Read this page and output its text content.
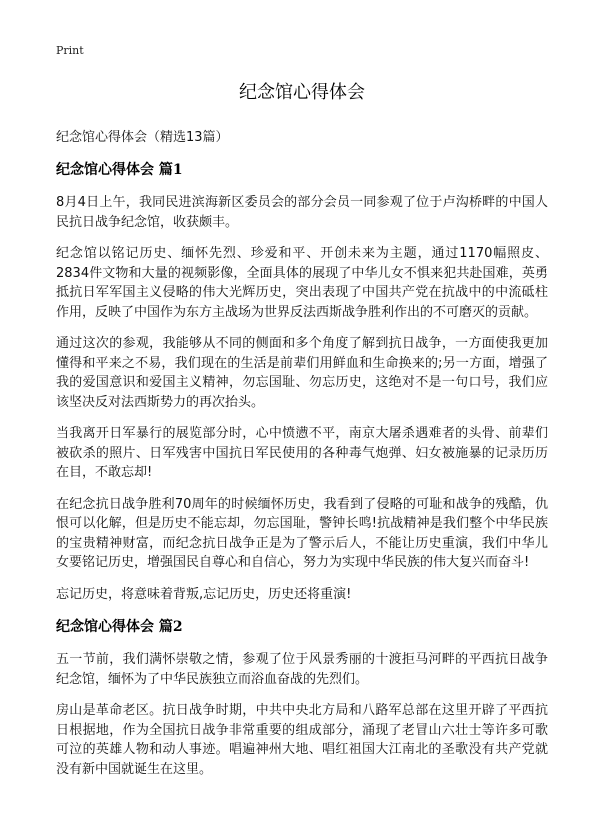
Print
纪念馆心得体会
纪念馆心得体会（精选13篇）
纪念馆心得体会 篇1

8月4日上午，我同民进滨海新区委员会的部分会员一同参观了位于卢沟桥畔的中国人民抗日战争纪念馆，收获颇丰。

纪念馆以铭记历史、缅怀先烈、珍爱和平、开创未来为主题，通过1170幅照皮、2834件文物和大量的视频影像，全面具体的展现了中华儿女不惧来犯共赴国难，英勇抵抗日军军国主义侵略的伟大光辉历史，突出表现了中国共产党在抗战中的中流砥柱作用，反映了中国作为东方主战场为世界反法西斯战争胜利作出的不可磨灭的贡献。

通过这次的参观，我能够从不同的侧面和多个角度了解到抗日战争，一方面使我更加懂得和平来之不易，我们现在的生活是前辈们用鲜血和生命换来的;另一方面，增强了我的爱国意识和爱国主义精神，勿忘国耻、勿忘历史，这绝对不是一句口号，我们应该坚决反对法西斯势力的再次抬头。

当我离开日军暴行的展览部分时，心中愤懑不平，南京大屠杀遇难者的头骨、前辈们被砍杀的照片、日军残害中国抗日军民使用的各种毒气炮弹、妇女被施暴的记录历历在目，不敢忘却!

在纪念抗日战争胜利70周年的时候缅怀历史，我看到了侵略的可耻和战争的残酷，仇恨可以化解，但是历史不能忘却，勿忘国耻，警钟长鸣!抗战精神是我们整个中华民族的宝贵精神财富，而纪念抗日战争正是为了警示后人，不能让历史重演，我们中华儿女要铭记历史，增强国民自尊心和自信心，努力为实现中华民族的伟大复兴而奋斗!

忘记历史，将意味着背叛,忘记历史，历史还将重演!

纪念馆心得体会 篇2

五一节前，我们满怀崇敬之情，参观了位于风景秀丽的十渡拒马河畔的平西抗日战争纪念馆，缅怀为了中华民族独立而浴血奋战的先烈们。

房山是革命老区。抗日战争时期，中共中央北方局和八路军总部在这里开辟了平西抗日根据地，作为全国抗日战争非常重要的组成部分，涌现了老冒山六壮士等许多可歌可泣的英雄人物和动人事迹。唱遍神州大地、唱红祖国大江南北的圣歌没有共产党就没有新中国就诞生在这里。
